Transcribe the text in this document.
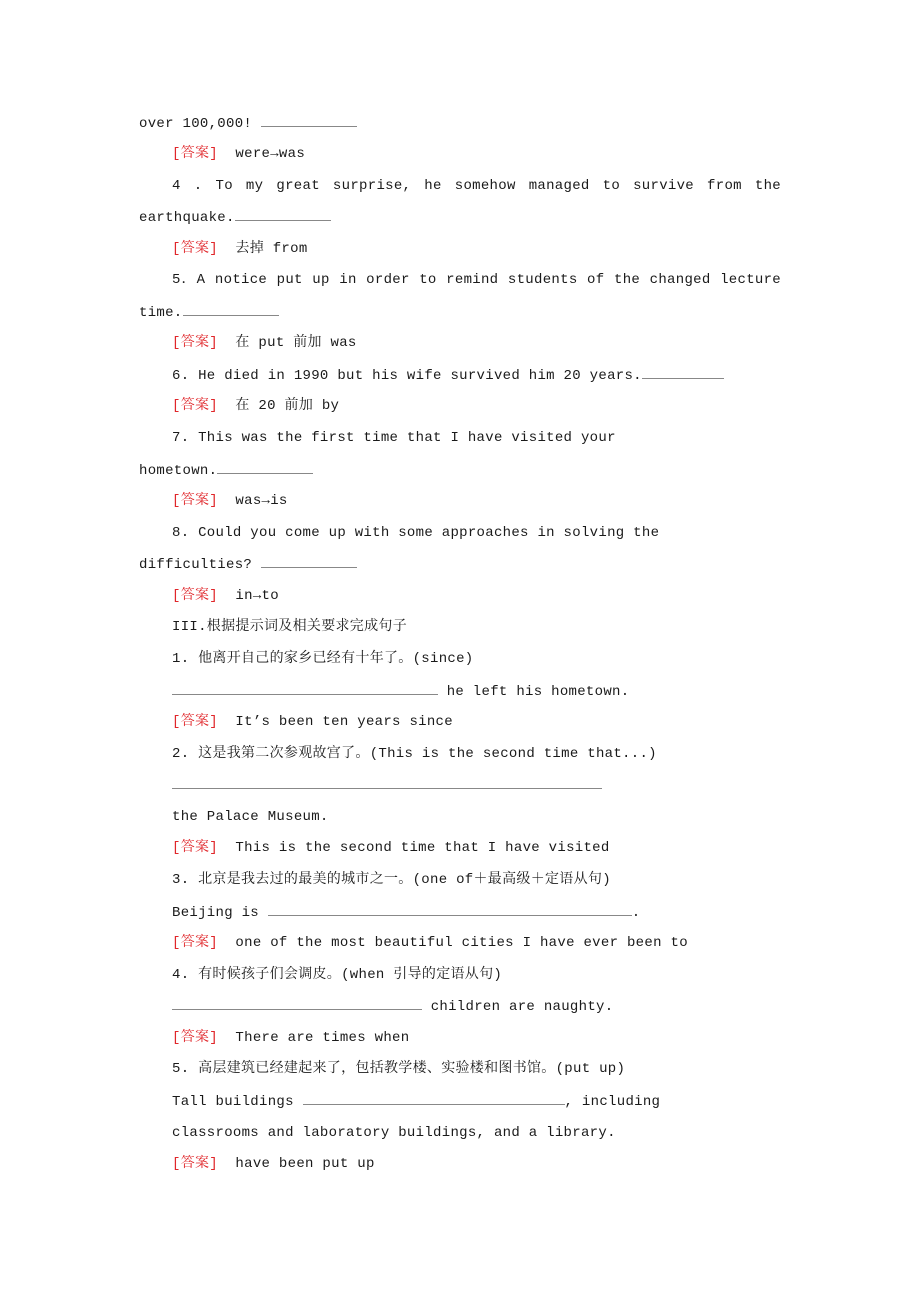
over 100,000!
[答案] were→was
4 . To my great surprise, he somehow managed to survive from the
earthquake.
[答案] 去掉 from
5．A notice put up in order to remind students of the changed lecture
time.
[答案] 在 put 前加 was
6. He died in 1990 but his wife survived him 20 years.
[答案] 在 20 前加 by
7. This was the first time that I have visited your
hometown.
[答案] was→is
8. Could you come up with some approaches in solving the
difficulties?
[答案] in→to
III.根据提示词及相关要求完成句子
1. 他离开自己的家乡已经有十年了。(since)
he left his hometown.
[答案] It’s been ten years since
2. 这是我第二次参观故宫了。(This is the second time that...)
the Palace Museum.
[答案] This is the second time that I have visited
3. 北京是我去过的最美的城市之一。(one of＋最高级＋定语从句)
Beijing is	.
[答案] one of the most beautiful cities I have ever been to
4. 有时候孩子们会调皮。(when 引导的定语从句)
children are naughty.
[答案] There are times when
5. 高层建筑已经建起来了，包括教学楼、实验楼和图书馆。(put up)
Tall buildings	, including
classrooms and laboratory buildings, and a library.
[答案] have been put up
